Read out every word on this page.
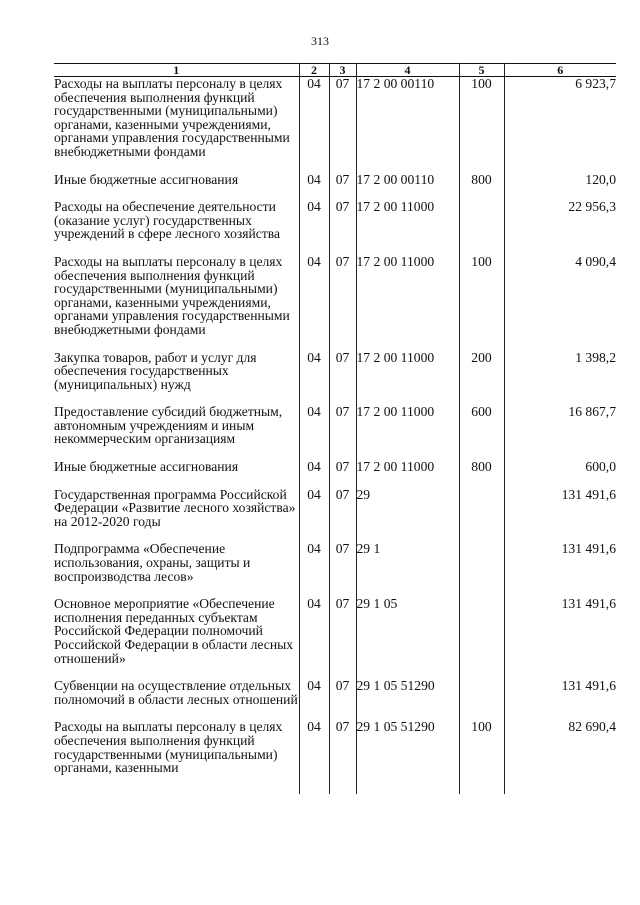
313
1	2	3	4	5	6
Расходы на выплаты персоналу в целях обеспечения выполнения функций государственными (муниципальными) органами, казенными учреждениями, органами управления государственными внебюджетными фондами	04	07	17 2 00 00110	100	6 923,7
Иные бюджетные ассигнования	04	07	17 2 00 00110	800	120,0
Расходы на обеспечение деятельности (оказание услуг) государственных учреждений в сфере лесного хозяйства	04	07	17 2 00 11000		22 956,3
Расходы на выплаты персоналу в целях обеспечения выполнения функций государственными (муниципальными) органами, казенными учреждениями, органами управления государственными внебюджетными фондами	04	07	17 2 00 11000	100	4 090,4
Закупка товаров, работ и услуг для обеспечения государственных (муниципальных) нужд	04	07	17 2 00 11000	200	1 398,2
Предоставление субсидий бюджетным, автономным учреждениям и иным некоммерческим организациям	04	07	17 2 00 11000	600	16 867,7
Иные бюджетные ассигнования	04	07	17 2 00 11000	800	600,0
Государственная программа Российской Федерации «Развитие лесного хозяйства» на 2012-2020 годы	04	07	29		131 491,6
Подпрограмма «Обеспечение использования, охраны, защиты и воспроизводства лесов»	04	07	29 1		131 491,6
Основное мероприятие «Обеспечение исполнения переданных субъектам Российской Федерации полномочий Российской Федерации в области лесных отношений»	04	07	29 1 05		131 491,6
Субвенции на осуществление отдельных полномочий в области лесных отношений	04	07	29 1 05 51290		131 491,6
Расходы на выплаты персоналу в целях обеспечения выполнения функций государственными (муниципальными) органами, казенными	04	07	29 1 05 51290	100	82 690,4
